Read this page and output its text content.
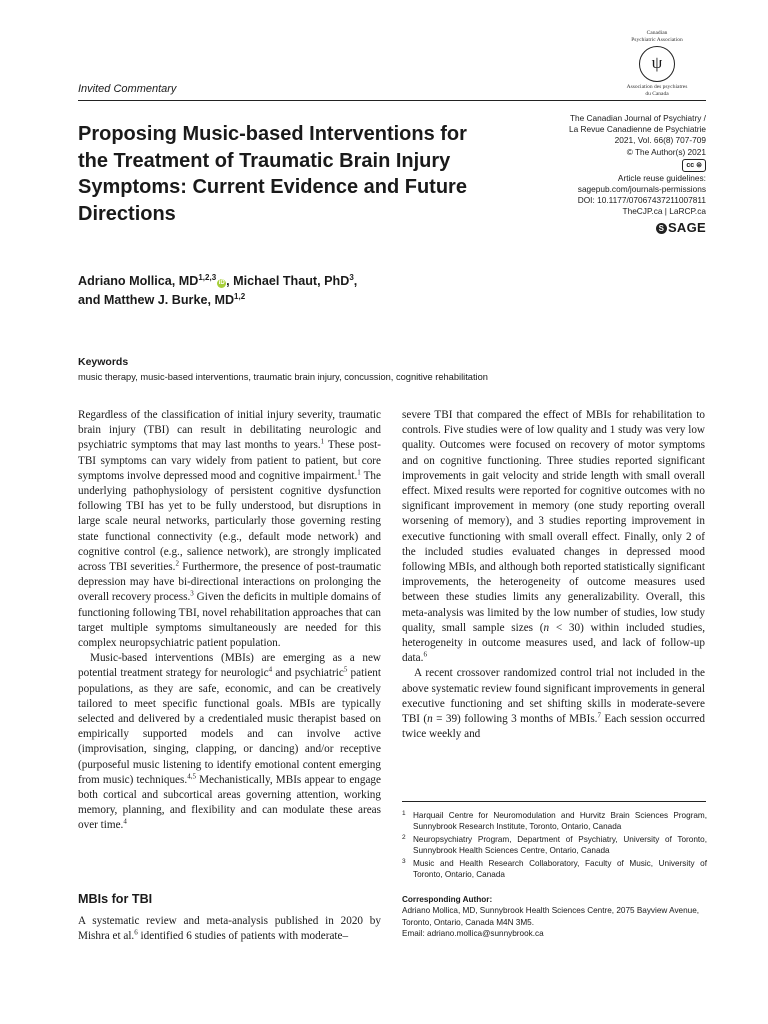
Canadian
Psychiatric Association
ψ
Association des psychiatres
du Canada
Invited Commentary
Proposing Music-based Interventions for the Treatment of Traumatic Brain Injury Symptoms: Current Evidence and Future Directions
The Canadian Journal of Psychiatry /
La Revue Canadienne de Psychiatrie
2021, Vol. 66(8) 707-709
© The Author(s) 2021
cc ⊜
Article reuse guidelines:
sagepub.com/journals-permissions
DOI: 10.1177/07067437211007811
TheCJP.ca | LaRCP.ca
S SAGE

Adriano Mollica, MD$^{1,2,3}$iD , Michael Thaut, PhD$^3$,
and Matthew J. Burke, MD$^{1,2}$

Keywords
music therapy, music-based interventions, traumatic brain injury, concussion, cognitive rehabilitation

Regardless of the classification of initial injury severity, traumatic brain injury (TBI) can result in debilitating neurologic and psychiatric symptoms that may last months to years.$^1$ These post-TBI symptoms can vary widely from patient to patient, but core symptoms involve depressed mood and cognitive impairment.$^1$ The underlying pathophysiology of persistent cognitive dysfunction following TBI has yet to be fully understood, but disruptions in large scale neural networks, particularly those governing resting state functional connectivity (e.g., default mode network) and cognitive control (e.g., salience network), are strongly implicated across TBI severities.$^2$ Furthermore, the presence of post-traumatic depression may have bi-directional interactions on prolonging the overall recovery process.$^3$ Given the deficits in multiple domains of functioning following TBI, novel rehabilitation approaches that can target multiple symptoms simultaneously are needed for this complex neuropsychiatric patient population.

Music-based interventions (MBIs) are emerging as a new potential treatment strategy for neurologic$^4$ and psychiatric$^5$ patient populations, as they are safe, economic, and can be creatively tailored to meet specific functional goals. MBIs are typically selected and delivered by a credentialed music therapist based on empirically supported models and can involve active (improvisation, singing, clapping, or dancing) and/or receptive (purposeful music listening to identify emotional content emerging from music) techniques.$^{4,5}$ Mechanistically, MBIs appear to engage both cortical and subcortical areas governing attention, working memory, planning, and flexibility and can modulate these areas over time.$^4$

MBIs for TBI

A systematic review and meta-analysis published in 2020 by Mishra et al.$^6$ identified 6 studies of patients with moderate–

severe TBI that compared the effect of MBIs for rehabilitation to controls. Five studies were of low quality and 1 study was very low quality. Outcomes were focused on recovery of motor symptoms and on cognitive functioning. Three studies reported significant improvements in gait velocity and stride length with small overall effect. Mixed results were reported for cognitive outcomes with no significant improvement in memory (one study reporting overall worsening of memory), and 3 studies reporting improvement in executive functioning with small overall effect. Finally, only 2 of the included studies evaluated changes in depressed mood following MBIs, and although both reported statistically significant improvements, the heterogeneity of outcome measures used between these studies limits any generalizability. Overall, this meta-analysis was limited by the low number of studies, low study quality, small sample sizes (n < 30) within included studies, heterogeneity in outcome measures used, and lack of follow-up data.$^6$

A recent crossover randomized control trial not included in the above systematic review found significant improvements in general executive functioning and set shifting skills in moderate-severe TBI (n = 39) following 3 months of MBIs.$^7$ Each session occurred twice weekly and

1 Harquail Centre for Neuromodulation and Hurvitz Brain Sciences Program, Sunnybrook Research Institute, Toronto, Ontario, Canada
2 Neuropsychiatry Program, Department of Psychiatry, University of Toronto, Sunnybrook Health Sciences Centre, Ontario, Canada
3 Music and Health Research Collaboratory, Faculty of Music, University of Toronto, Ontario, Canada
Corresponding Author:
Adriano Mollica, MD, Sunnybrook Health Sciences Centre, 2075 Bayview Avenue, Toronto, Ontario, Canada M4N 3M5.
Email: adriano.mollica@sunnybrook.ca
